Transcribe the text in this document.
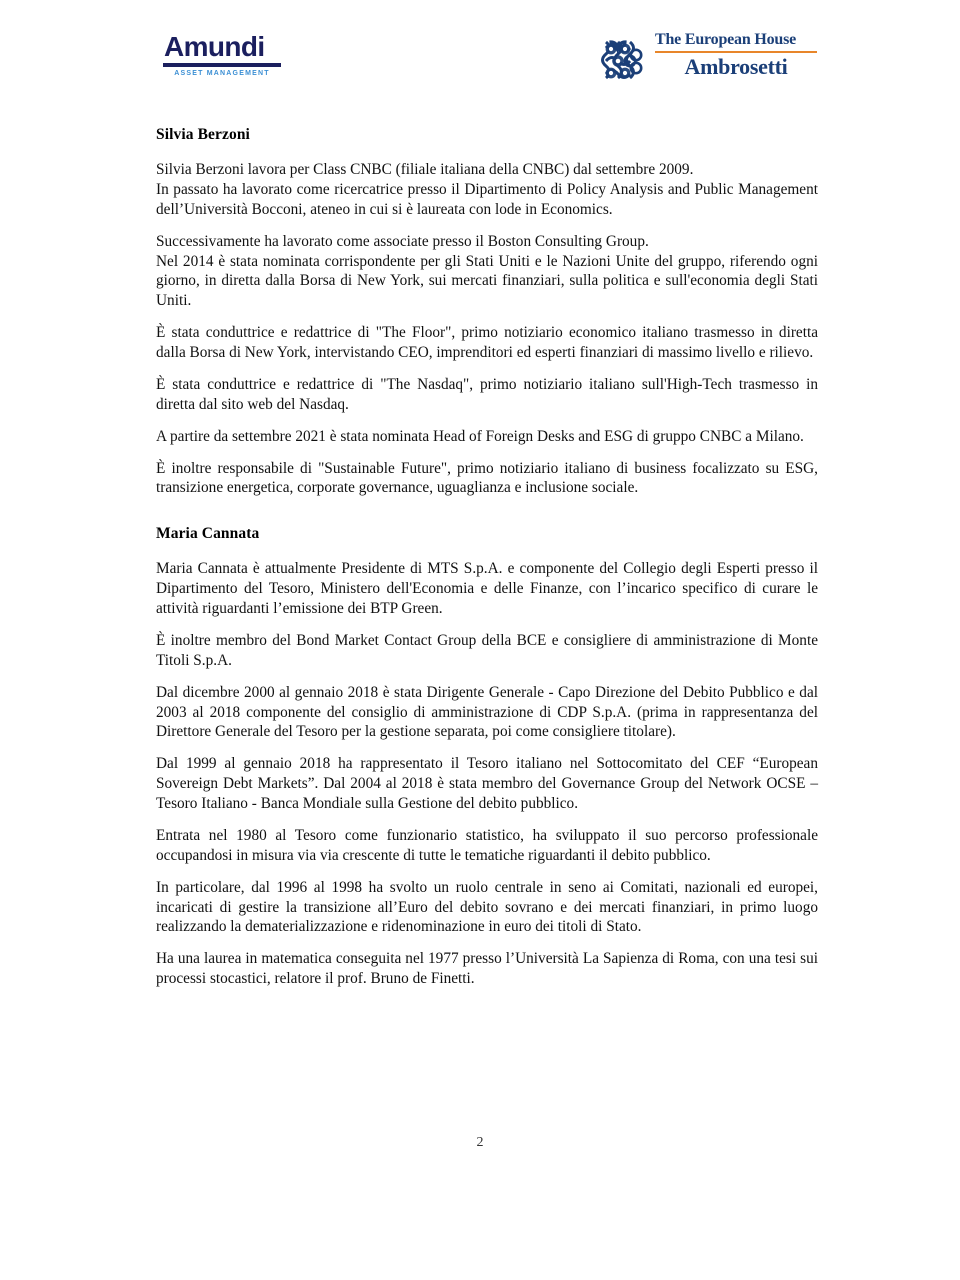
Amundi
ASSET MANAGEMENT
The European House
Ambrosetti
Silvia Berzoni

Silvia Berzoni lavora per Class CNBC (filiale italiana della CNBC) dal settembre 2009.

In passato ha lavorato come ricercatrice presso il Dipartimento di Policy Analysis and Public Management dell’Università Bocconi, ateneo in cui si è laureata con lode in Economics.

Successivamente ha lavorato come associate presso il Boston Consulting Group.

Nel 2014 è stata nominata corrispondente per gli Stati Uniti e le Nazioni Unite del gruppo, riferendo ogni giorno, in diretta dalla Borsa di New York, sui mercati finanziari, sulla politica e sull'economia degli Stati Uniti.

È stata conduttrice e redattrice di "The Floor", primo notiziario economico italiano trasmesso in diretta dalla Borsa di New York, intervistando CEO, imprenditori ed esperti finanziari di massimo livello e rilievo.

È stata conduttrice e redattrice di "The Nasdaq", primo notiziario italiano sull'High-Tech trasmesso in diretta dal sito web del Nasdaq.

A partire da settembre 2021 è stata nominata Head of Foreign Desks and ESG di gruppo CNBC a Milano.

È inoltre responsabile di "Sustainable Future", primo notiziario italiano di business focalizzato su ESG, transizione energetica, corporate governance, uguaglianza e inclusione sociale.

Maria Cannata

Maria Cannata è attualmente Presidente di MTS S.p.A. e componente del Collegio degli Esperti presso il Dipartimento del Tesoro, Ministero dell'Economia e delle Finanze, con l’incarico specifico di curare le attività riguardanti l’emissione dei BTP Green.

È inoltre membro del Bond Market Contact Group della BCE e consigliere di amministrazione di Monte Titoli S.p.A.

Dal dicembre 2000 al gennaio 2018 è stata Dirigente Generale - Capo Direzione del Debito Pubblico e dal 2003 al 2018 componente del consiglio di amministrazione di CDP S.p.A. (prima in rappresentanza del Direttore Generale del Tesoro per la gestione separata, poi come consigliere titolare).

Dal 1999 al gennaio 2018 ha rappresentato il Tesoro italiano nel Sottocomitato del CEF “European Sovereign Debt Markets”. Dal 2004 al 2018 è stata membro del Governance Group del Network OCSE – Tesoro Italiano - Banca Mondiale sulla Gestione del debito pubblico.

Entrata nel 1980 al Tesoro come funzionario statistico, ha sviluppato il suo percorso professionale occupandosi in misura via via crescente di tutte le tematiche riguardanti il debito pubblico.

In particolare, dal 1996 al 1998 ha svolto un ruolo centrale in seno ai Comitati, nazionali ed europei, incaricati di gestire la transizione all’Euro del debito sovrano e dei mercati finanziari, in primo luogo realizzando la dematerializzazione e ridenominazione in euro dei titoli di Stato.

Ha una laurea in matematica conseguita nel 1977 presso l’Università La Sapienza di Roma, con una tesi sui processi stocastici, relatore il prof. Bruno de Finetti.

2
